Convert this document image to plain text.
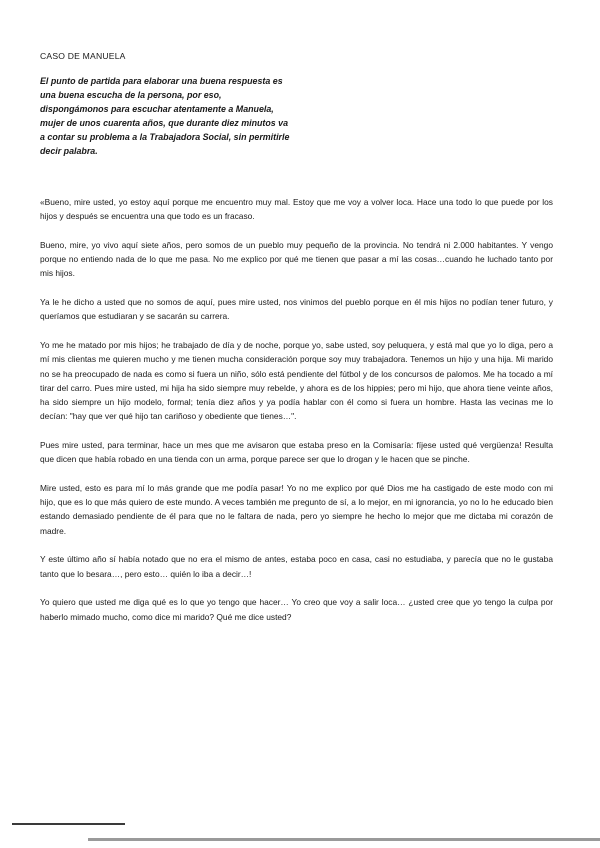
CASO DE MANUELA
El punto de partida para elaborar una buena respuesta es una buena escucha de la persona, por eso, dispongámonos para escuchar atentamente a Manuela, mujer de unos cuarenta años, que durante diez minutos va a contar su problema a la Trabajadora Social, sin permitirle decir palabra.

«Bueno, mire usted, yo estoy aquí porque me encuentro muy mal. Estoy que me voy a volver loca. Hace una todo lo que puede por los hijos y después se encuentra una que todo es un fracaso.

Bueno, mire, yo vivo aquí siete años, pero somos de un pueblo muy pequeño de la provincia. No tendrá ni 2.000 habitantes. Y vengo porque no entiendo nada de lo que me pasa. No me explico por qué me tienen que pasar a mí las cosas…cuando he luchado tanto por mis hijos.

Ya le he dicho a usted que no somos de aquí, pues mire usted, nos vinimos del pueblo porque en él mis hijos no podían tener futuro, y queríamos que estudiaran y se sacarán su carrera.

Yo me he matado por mis hijos; he trabajado de día y de noche, porque yo, sabe usted, soy peluquera, y está mal que yo lo diga, pero a mí mis clientas me quieren mucho y me tienen mucha consideración porque soy muy trabajadora. Tenemos un hijo y una hija. Mi marido no se ha preocupado de nada es como si fuera un niño, sólo está pendiente del fútbol y de los concursos de palomos. Me ha tocado a mí tirar del carro. Pues mire usted, mi hija ha sido siempre muy rebelde, y ahora es de los hippies; pero mi hijo, que ahora tiene veinte años, ha sido siempre un hijo modelo, formal; tenía diez años y ya podía hablar con él como si fuera un hombre. Hasta las vecinas me lo decían: "hay que ver qué hijo tan cariñoso y obediente que tienes…".

Pues mire usted, para terminar, hace un mes que me avisaron que estaba preso en la Comisaría: fíjese usted qué vergüenza! Resulta que dicen que había robado en una tienda con un arma, porque parece ser que lo drogan y le hacen que se pinche.

Mire usted, esto es para mí lo más grande que me podía pasar! Yo no me explico por qué Dios me ha castigado de este modo con mi hijo, que es lo que más quiero de este mundo. A veces también me pregunto de sí, a lo mejor, en mi ignorancia, yo no lo he educado bien estando demasiado pendiente de él para que no le faltara de nada, pero yo siempre he hecho lo mejor que me dictaba mi corazón de madre.

Y este último año sí había notado que no era el mismo de antes, estaba poco en casa, casi no estudiaba, y parecía que no le gustaba tanto que lo besara…, pero esto… quién lo iba a decir…!

Yo quiero que usted me diga qué es lo que yo tengo que hacer… Yo creo que voy a salir loca… ¿usted cree que yo tengo la culpa por haberlo mimado mucho, como dice mi marido? Qué me dice usted?
